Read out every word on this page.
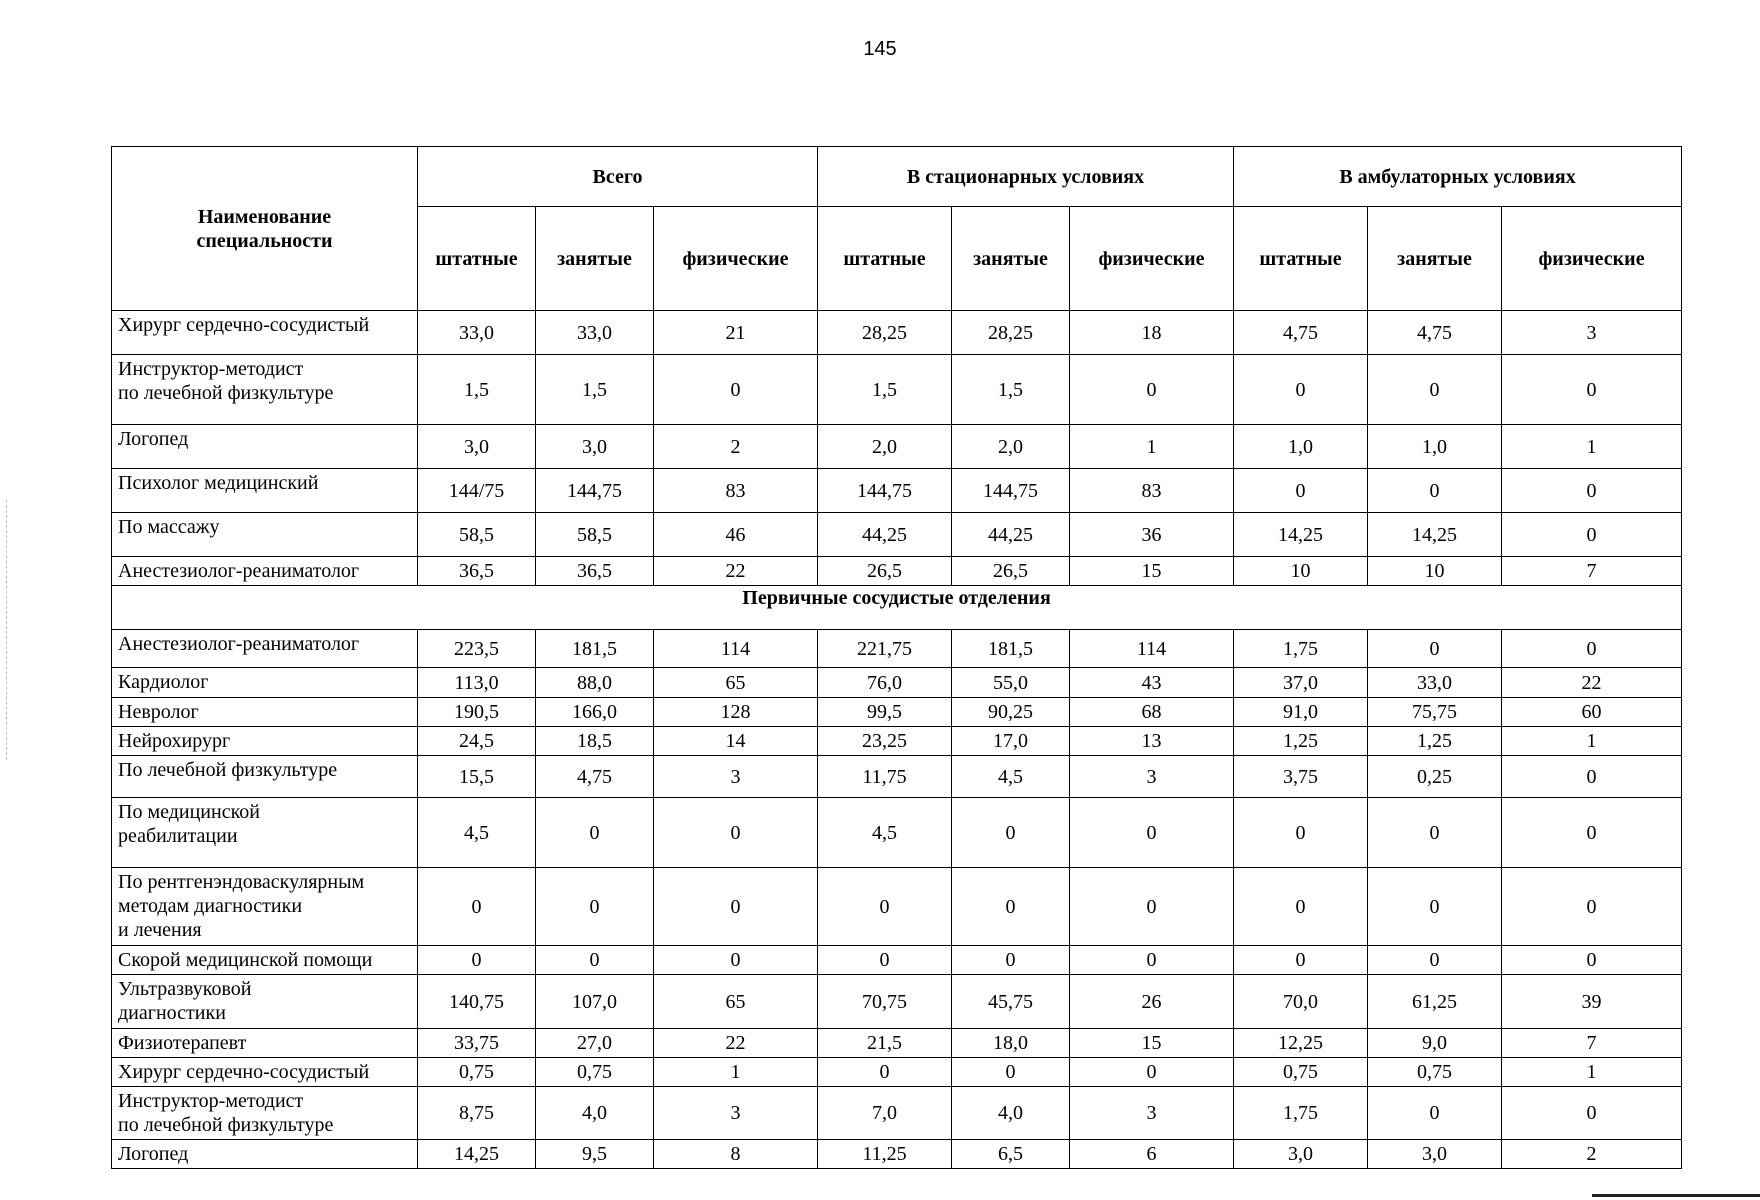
145
Наименование
специальности	Всего			В стационарных условиях			В амбулаторных условиях		
	штатные	занятые	физические	штатные	занятые	физические	штатные	занятые	физические
Хирург сердечно-сосудистый	33,0	33,0	21	28,25	28,25	18	4,75	4,75	3
Инструктор-методист
по лечебной физкультуре	1,5	1,5	0	1,5	1,5	0	0	0	0
Логопед	3,0	3,0	2	2,0	2,0	1	1,0	1,0	1
Психолог медицинский	144/75	144,75	83	144,75	144,75	83	0	0	0
По массажу	58,5	58,5	46	44,25	44,25	36	14,25	14,25	0
Анестезиолог-реаниматолог	36,5	36,5	22	26,5	26,5	15	10	10	7
Первичные сосудистые отделения									
Анестезиолог-реаниматолог	223,5	181,5	114	221,75	181,5	114	1,75	0	0
Кардиолог	113,0	88,0	65	76,0	55,0	43	37,0	33,0	22
Невролог	190,5	166,0	128	99,5	90,25	68	91,0	75,75	60
Нейрохирург	24,5	18,5	14	23,25	17,0	13	1,25	1,25	1
По лечебной физкультуре	15,5	4,75	3	11,75	4,5	3	3,75	0,25	0
По медицинской
реабилитации	4,5	0	0	4,5	0	0	0	0	0
По рентгенэндоваскулярным
методам диагностики
и лечения	0	0	0	0	0	0	0	0	0
Скорой медицинской помощи	0	0	0	0	0	0	0	0	0
Ультразвуковой
диагностики	140,75	107,0	65	70,75	45,75	26	70,0	61,25	39
Физиотерапевт	33,75	27,0	22	21,5	18,0	15	12,25	9,0	7
Хирург сердечно-сосудистый	0,75	0,75	1	0	0	0	0,75	0,75	1
Инструктор-методист
по лечебной физкультуре	8,75	4,0	3	7,0	4,0	3	1,75	0	0
Логопед	14,25	9,5	8	11,25	6,5	6	3,0	3,0	2
